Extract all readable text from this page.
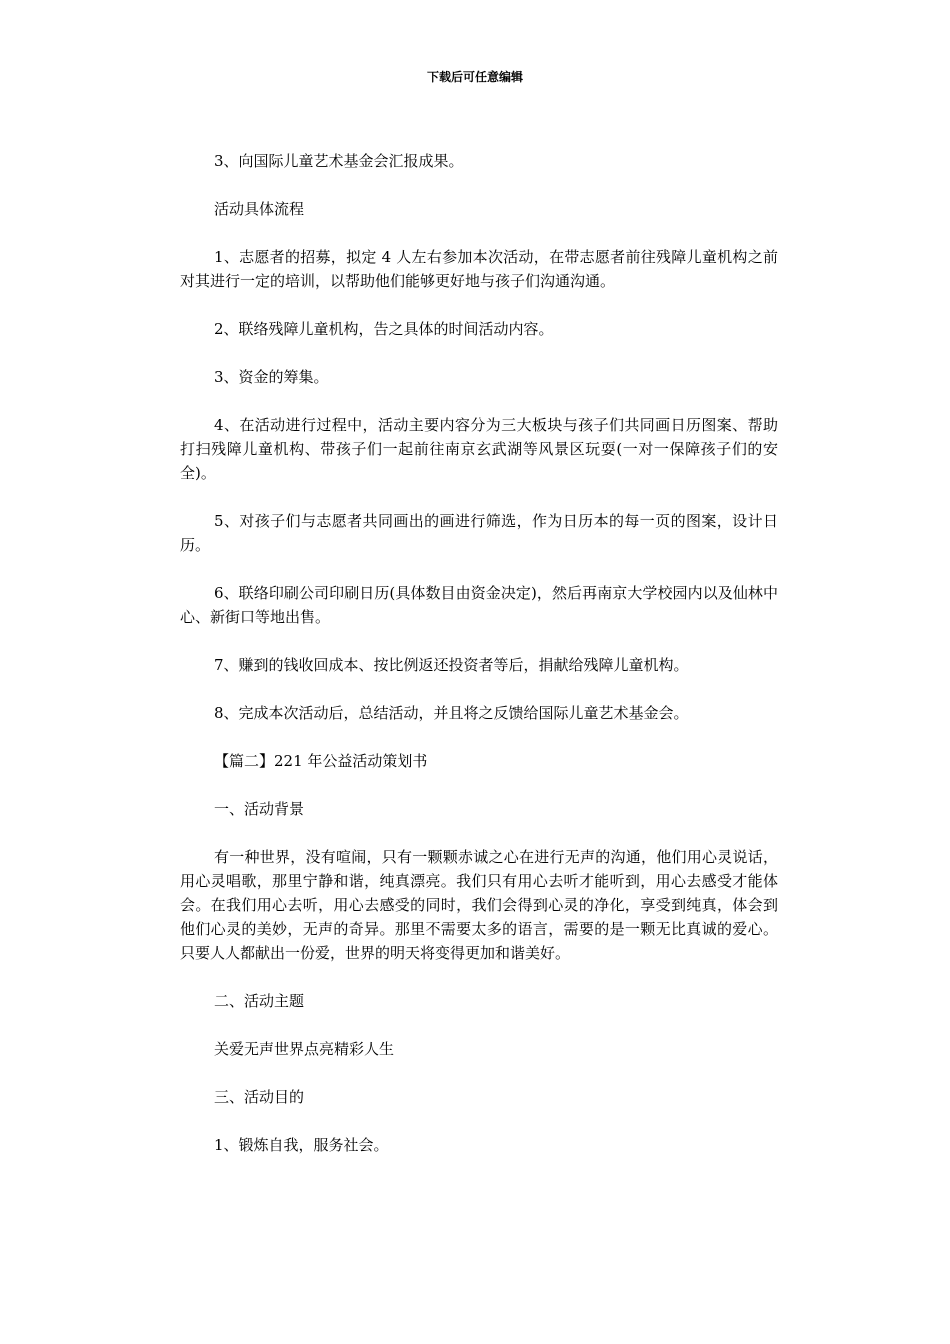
下载后可任意编辑

3、向国际儿童艺术基金会汇报成果。

活动具体流程

1、志愿者的招募，拟定 4 人左右参加本次活动，在带志愿者前往残障儿童机构之前对其进行一定的培训，以帮助他们能够更好地与孩子们沟通沟通。

2、联络残障儿童机构，告之具体的时间活动内容。

3、资金的筹集。

4、在活动进行过程中，活动主要内容分为三大板块与孩子们共同画日历图案、帮助打扫残障儿童机构、带孩子们一起前往南京玄武湖等风景区玩耍(一对一保障孩子们的安全)。

5、对孩子们与志愿者共同画出的画进行筛选，作为日历本的每一页的图案，设计日历。

6、联络印刷公司印刷日历(具体数目由资金决定)，然后再南京大学校园内以及仙林中心、新街口等地出售。

7、赚到的钱收回成本、按比例返还投资者等后，捐献给残障儿童机构。

8、完成本次活动后，总结活动，并且将之反馈给国际儿童艺术基金会。

【篇二】221 年公益活动策划书

一、活动背景

有一种世界，没有喧闹，只有一颗颗赤诚之心在进行无声的沟通，他们用心灵说话，用心灵唱歌，那里宁静和谐，纯真漂亮。我们只有用心去听才能听到，用心去感受才能体会。在我们用心去听，用心去感受的同时，我们会得到心灵的净化，享受到纯真，体会到他们心灵的美妙，无声的奇异。那里不需要太多的语言，需要的是一颗无比真诚的爱心。只要人人都献出一份爱，世界的明天将变得更加和谐美好。

二、活动主题

关爱无声世界点亮精彩人生

三、活动目的

1、锻炼自我，服务社会。
